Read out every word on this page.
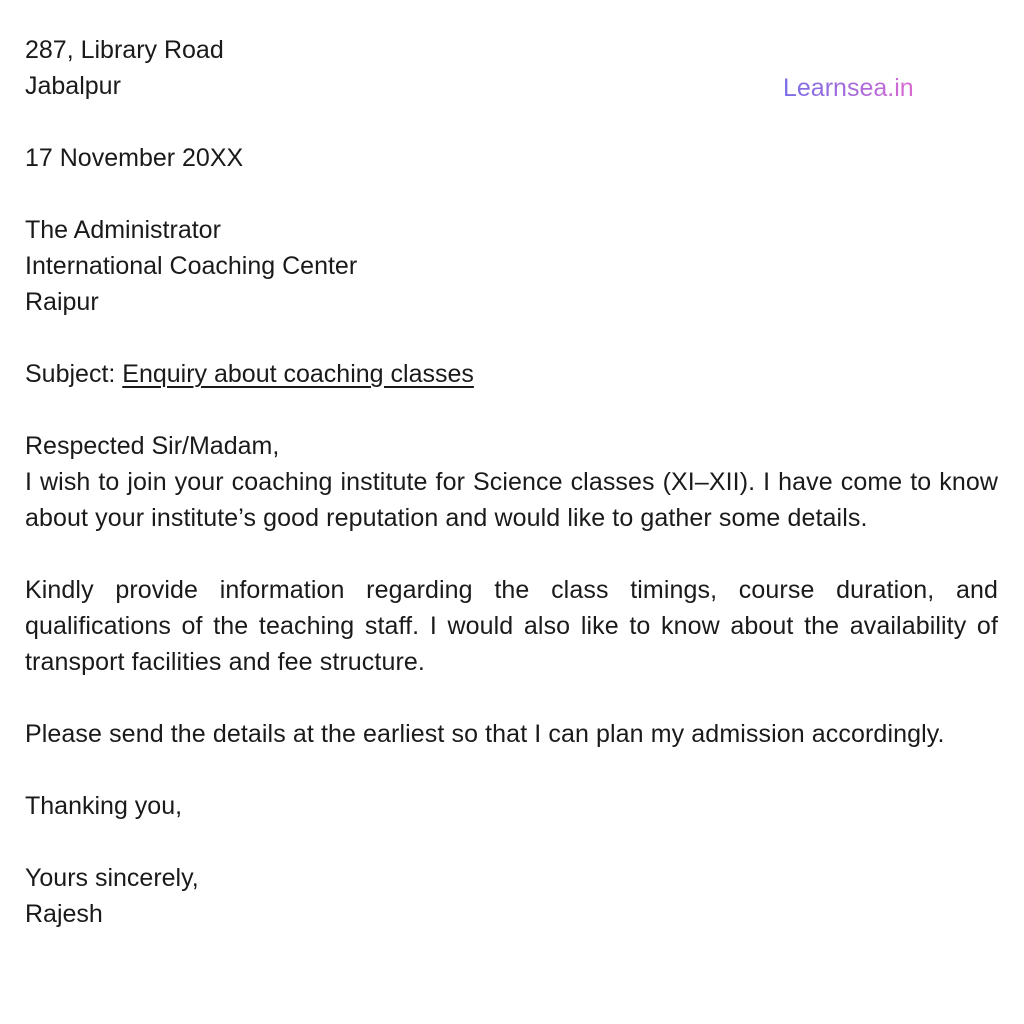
Learnsea.in
287, Library Road
Jabalpur
17 November 20XX
The Administrator
International Coaching Center
Raipur
Subject: Enquiry about coaching classes
Respected Sir/Madam,
I wish to join your coaching institute for Science classes (XI–XII). I have come to know about your institute’s good reputation and would like to gather some details.
Kindly provide information regarding the class timings, course duration, and qualifications of the teaching staff. I would also like to know about the availability of transport facilities and fee structure.
Please send the details at the earliest so that I can plan my admission accordingly.
Thanking you,
Yours sincerely,
Rajesh
